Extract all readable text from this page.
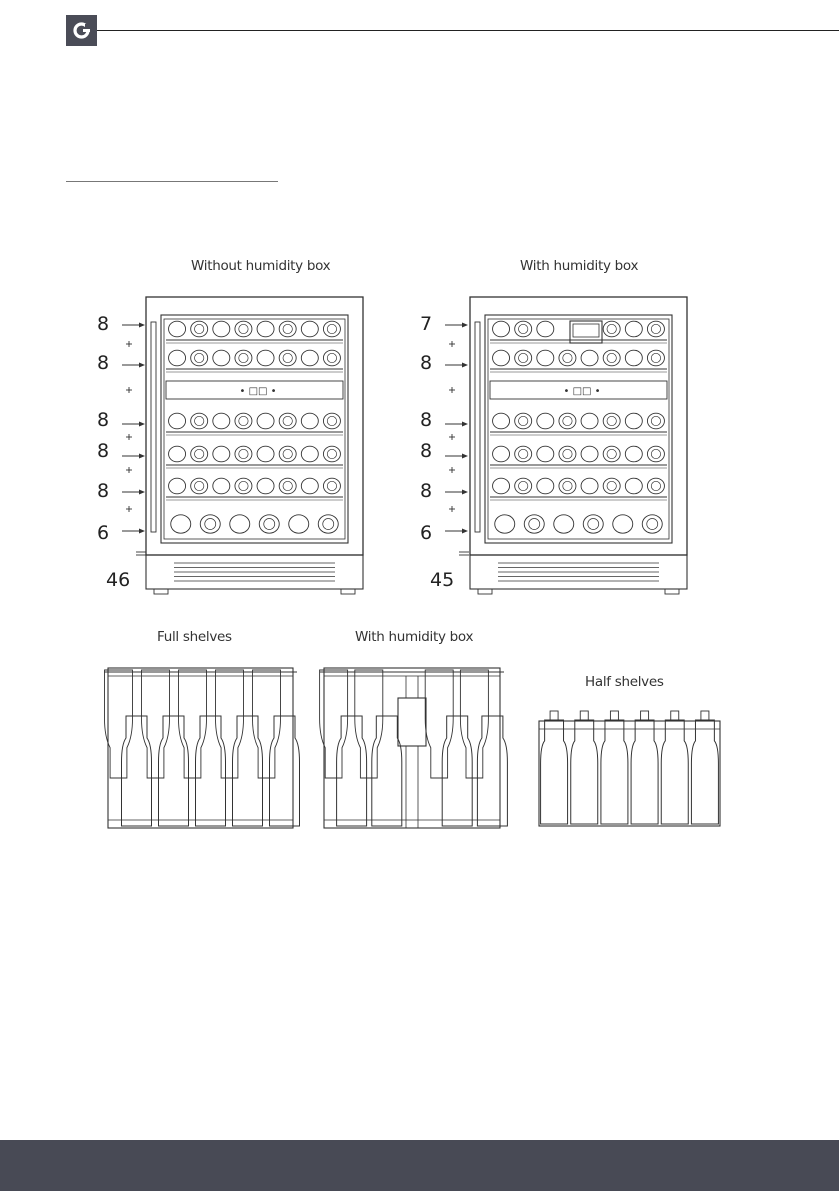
Without humidity box	With humidity box
Full shelves	With humidity box
Half shelves
8
8
8
8
8
6
46
7
8
8
8
8
6
45
• □□ •	• □□ •
